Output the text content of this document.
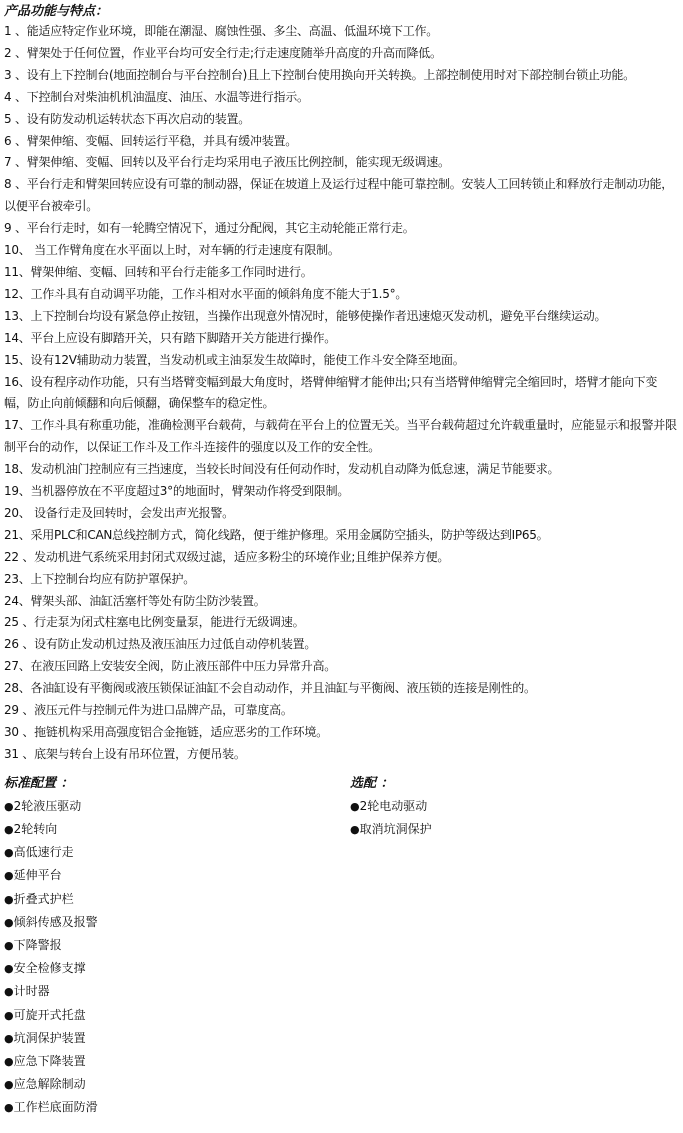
产品功能与特点：
1 、能适应特定作业环境，即能在潮湿、腐蚀性强、多尘、高温、低温环境下工作。
2 、臂架处于任何位置，作业平台均可安全行走;行走速度随举升高度的升高而降低。
3 、设有上下控制台(地面控制台与平台控制台)且上下控制台使用换向开关转换。上部控制使用时对下部控制台锁止功能。
4 、下控制台对柴油机机油温度、油压、水温等进行指示。
5 、设有防发动机运转状态下再次启动的装置。
6 、臂架伸缩、变幅、回转运行平稳，并具有缓冲装置。
7 、臂架伸缩、变幅、回转以及平台行走均采用电子液压比例控制，能实现无级调速。
8 、平台行走和臂架回转应设有可靠的制动器，保证在坡道上及运行过程中能可靠控制。安装人工回转锁止和释放行走制动功能，以便平台被牵引。
9 、平台行走时，如有一轮腾空情况下，通过分配阀，其它主动轮能正常行走。
10、 当工作臂角度在水平面以上时，对车辆的行走速度有限制。
11、臂架伸缩、变幅、回转和平台行走能多工作同时进行。
12、工作斗具有自动调平功能，工作斗相对水平面的倾斜角度不能大于1.5°。
13、上下控制台均设有紧急停止按钮，当操作出现意外情况时，能够使操作者迅速熄灭发动机，避免平台继续运动。
14、平台上应设有脚踏开关，只有踏下脚踏开关方能进行操作。
15、设有12V辅助动力装置，当发动机或主油泵发生故障时，能使工作斗安全降至地面。
16、设有程序动作功能，只有当塔臂变幅到最大角度时，塔臂伸缩臂才能伸出;只有当塔臂伸缩臂完全缩回时，塔臂才能向下变幅，防止向前倾翻和向后倾翻，确保整车的稳定性。
17、工作斗具有称重功能，准确检测平台载荷，与载荷在平台上的位置无关。当平台载荷超过允许载重量时，应能显示和报警并限制平台的动作，以保证工作斗及工作斗连接件的强度以及工作的安全性。
18、发动机油门控制应有三挡速度，当较长时间没有任何动作时，发动机自动降为低怠速，满足节能要求。
19、当机器停放在不平度超过3°的地面时，臂架动作将受到限制。
20、 设备行走及回转时，会发出声光报警。
21、采用PLC和CAN总线控制方式，简化线路，便于维护修理。采用金属防空插头，防护等级达到IP65。
22 、发动机进气系统采用封闭式双级过滤，适应多粉尘的环境作业;且维护保养方便。
23、上下控制台均应有防护罩保护。
24、臂架头部、油缸活塞杆等处有防尘防沙装置。
25 、行走泵为闭式柱塞电比例变量泵，能进行无级调速。
26 、设有防止发动机过热及液压油压力过低自动停机装置。
27、在液压回路上安装安全阀，防止液压部件中压力异常升高。
28、各油缸设有平衡阀或液压锁保证油缸不会自动动作，并且油缸与平衡阀、液压锁的连接是刚性的。
29 、液压元件与控制元件为进口品牌产品，可靠度高。
30 、拖链机构采用高强度铝合金拖链，适应恶劣的工作环境。
31 、底架与转台上设有吊环位置，方便吊装。
标准配置 ：
●2轮液压驱动
●2轮转向
●高低速行走
●延伸平台
●折叠式护栏
●倾斜传感及报警
●下降警报
●安全检修支撑
●计时器
●可旋开式托盘
●坑洞保护装置
●应急下降装置
●应急解除制动
●工作栏底面防滑
选配 ：
●2轮电动驱动
●取消坑洞保护
